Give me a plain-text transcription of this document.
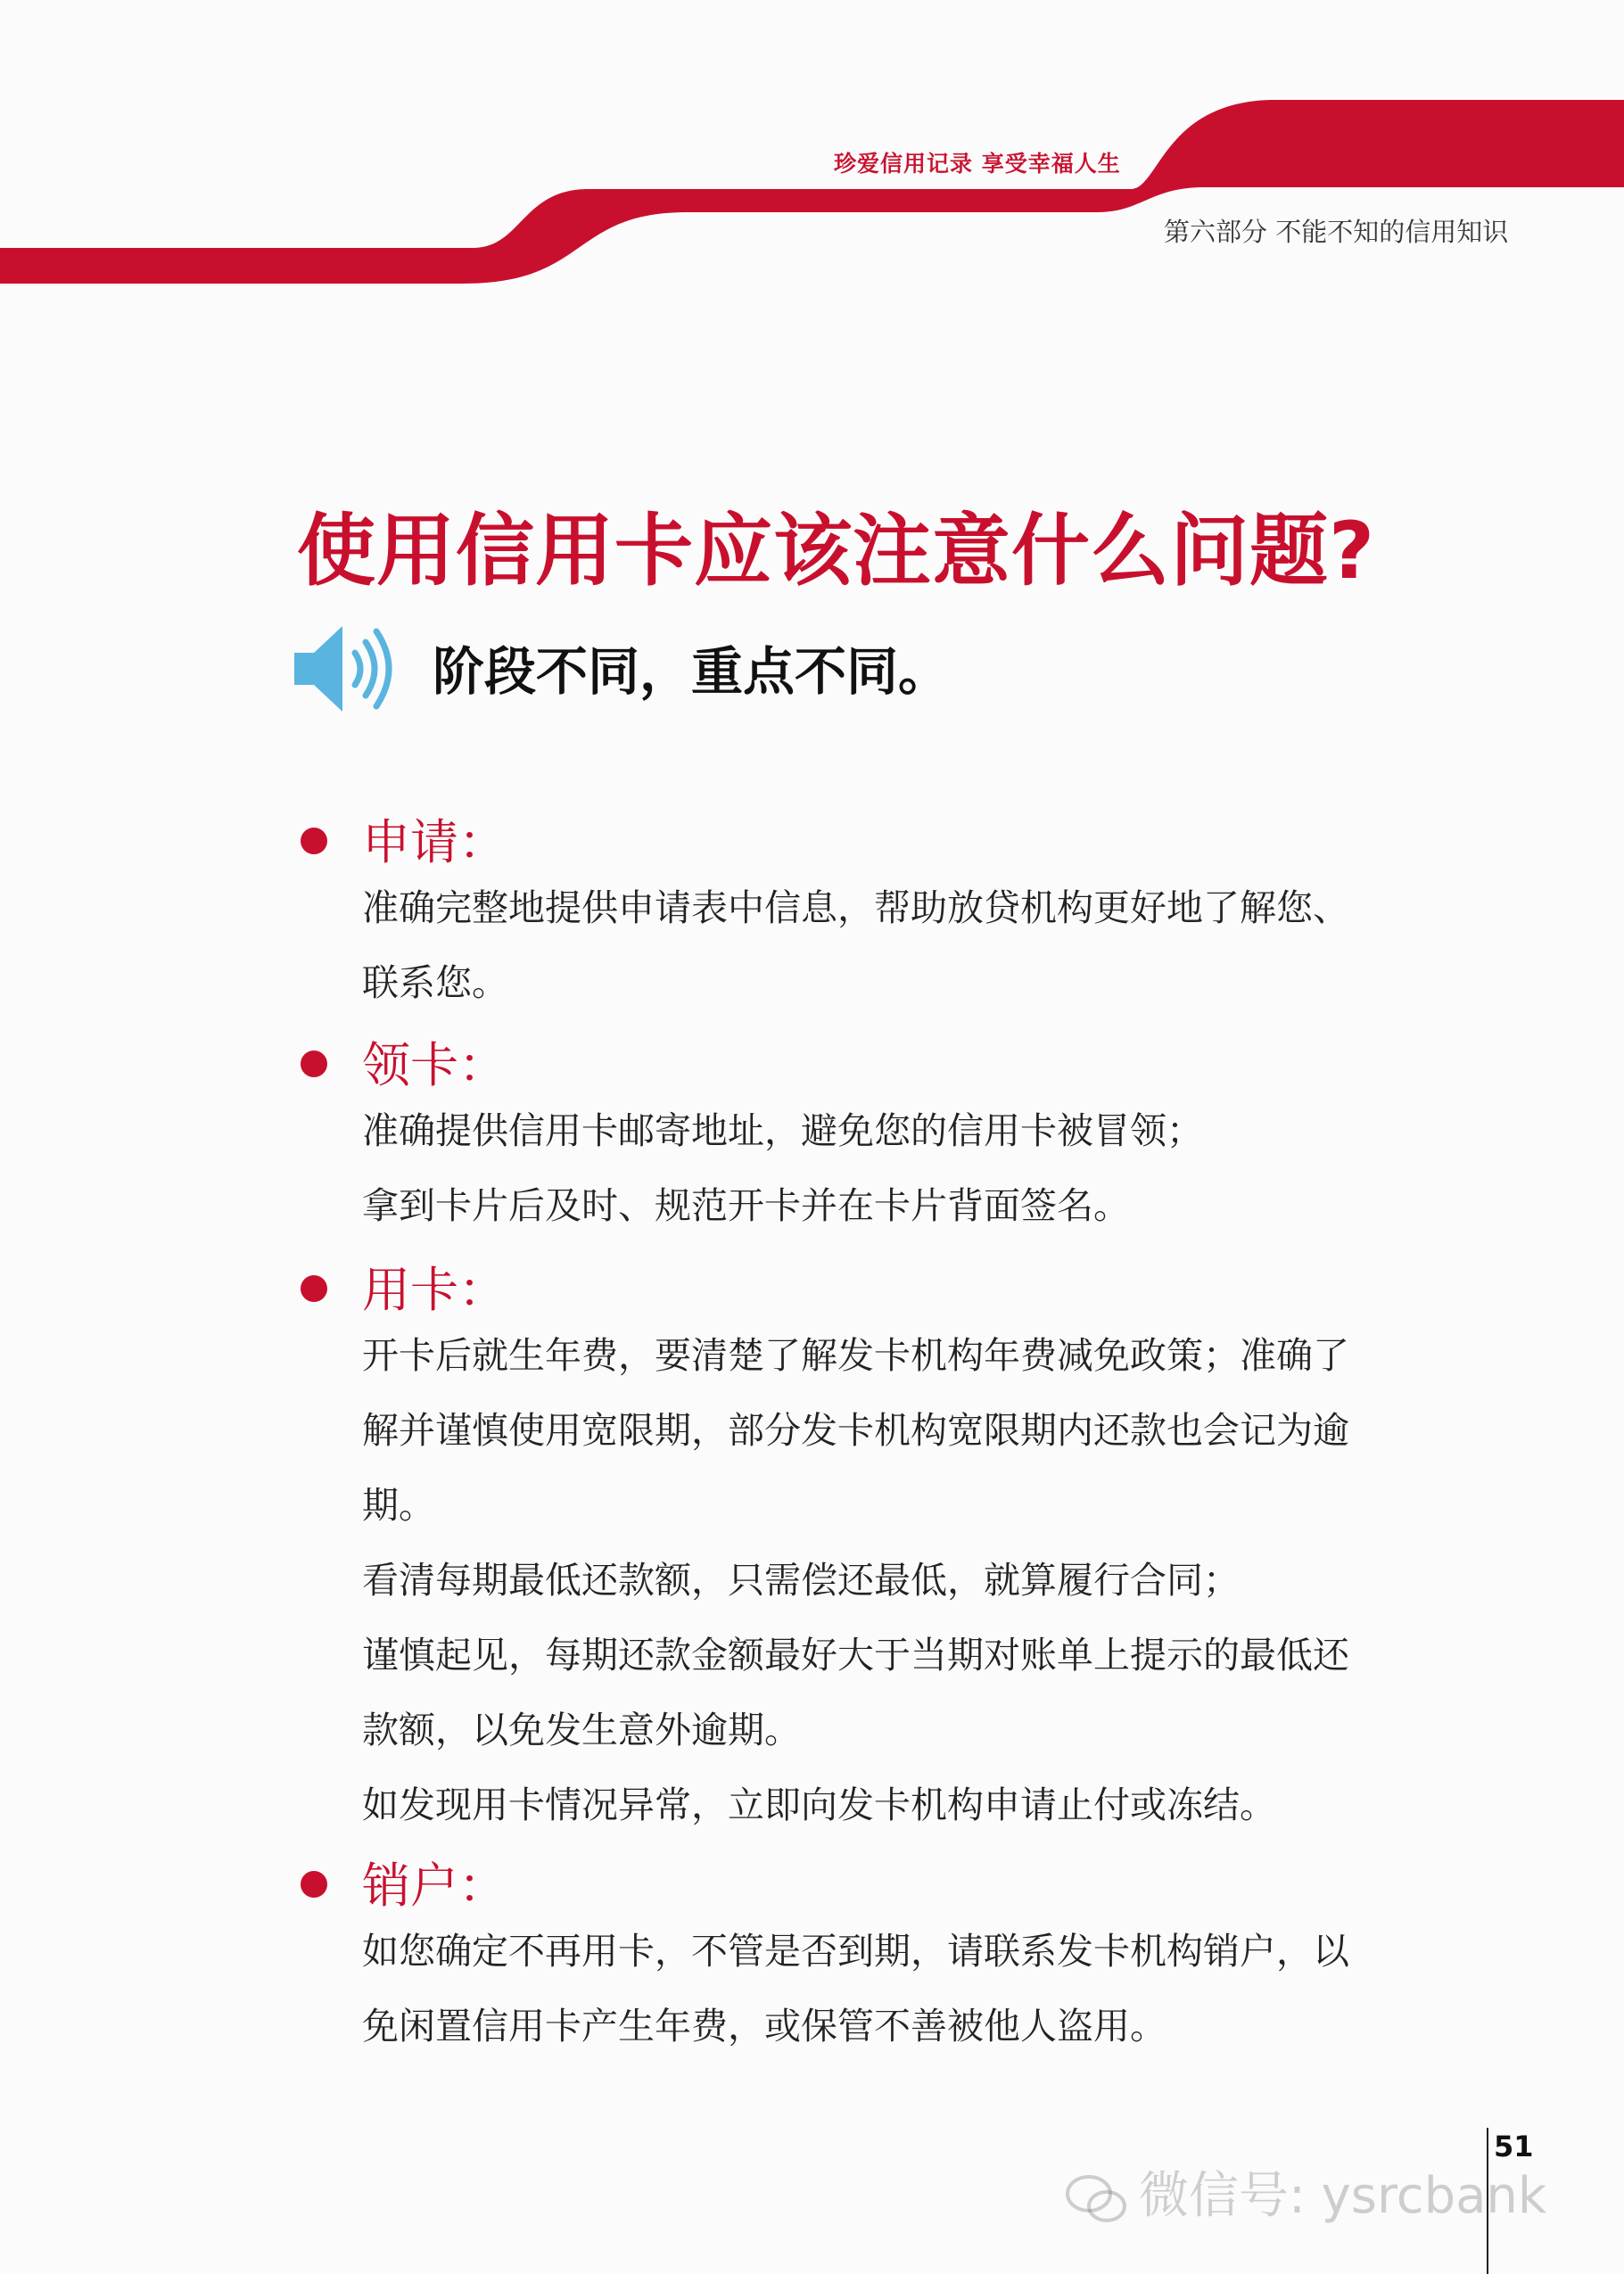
珍爱信用记录 享受幸福人生
第六部分 不能不知的信用知识
使用信用卡应该注意什么问题?
阶段不同，重点不同。
申请：
准确完整地提供申请表中信息，帮助放贷机构更好地了解您、
联系您。
领卡：
准确提供信用卡邮寄地址，避免您的信用卡被冒领；
拿到卡片后及时、规范开卡并在卡片背面签名。
用卡：
开卡后就生年费，要清楚了解发卡机构年费减免政策；准确了
解并谨慎使用宽限期，部分发卡机构宽限期内还款也会记为逾
期。
看清每期最低还款额，只需偿还最低，就算履行合同；
谨慎起见，每期还款金额最好大于当期对账单上提示的最低还
款额，以免发生意外逾期。
如发现用卡情况异常，立即向发卡机构申请止付或冻结。
销户：
如您确定不再用卡，不管是否到期，请联系发卡机构销户，以
免闲置信用卡产生年费，或保管不善被他人盗用。
51
微信号: ysrcbank
